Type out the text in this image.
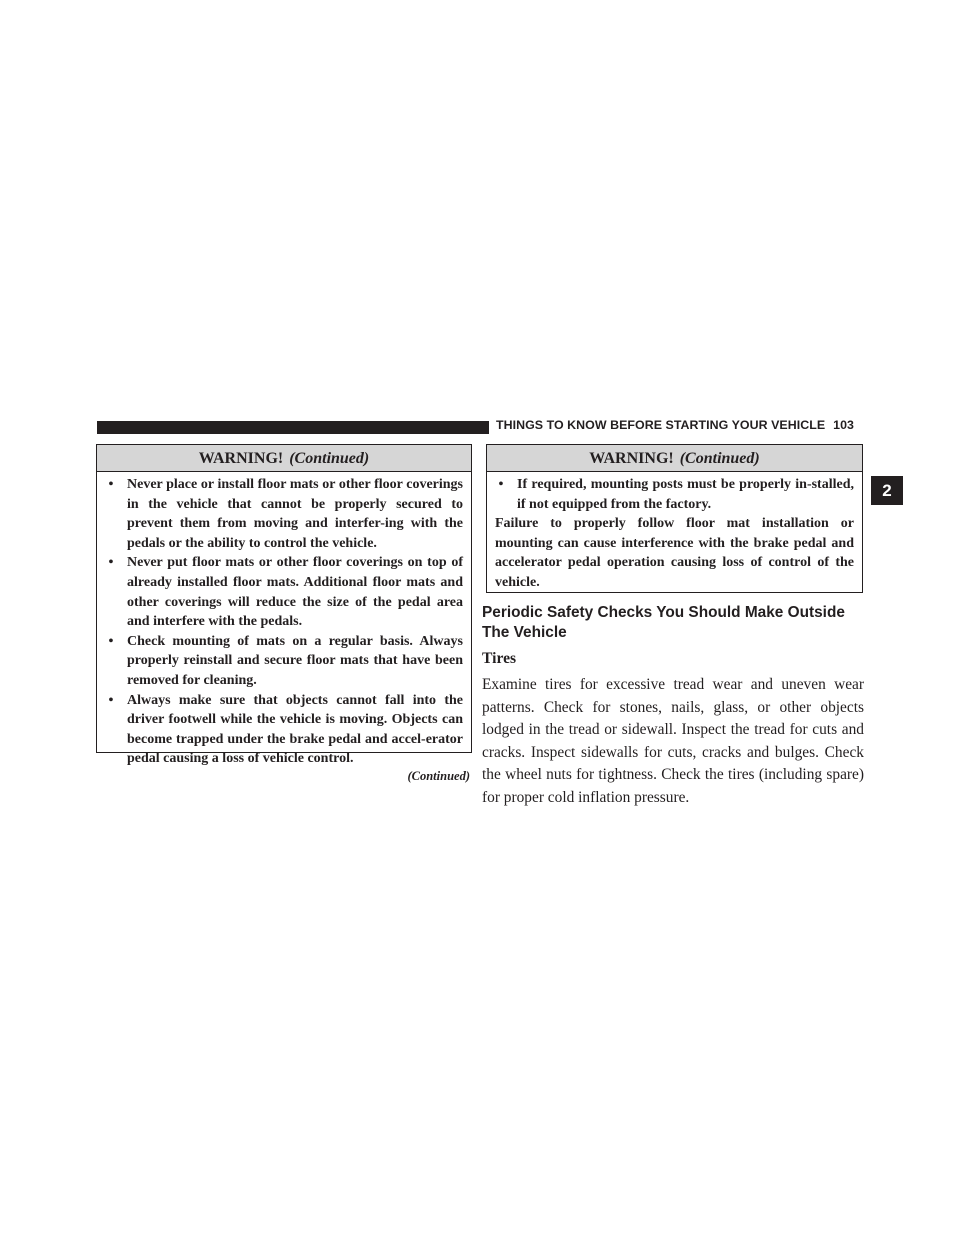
THINGS TO KNOW BEFORE STARTING YOUR VEHICLE 103
2
WARNING! (Continued)
• Never place or install floor mats or other floor coverings in the vehicle that cannot be properly secured to prevent them from moving and interfer-ing with the pedals or the ability to control the vehicle.
• Never put floor mats or other floor coverings on top of already installed floor mats. Additional floor mats and other coverings will reduce the size of the pedal area and interfere with the pedals.
• Check mounting of mats on a regular basis. Always properly reinstall and secure floor mats that have been removed for cleaning.
• Always make sure that objects cannot fall into the driver footwell while the vehicle is moving. Objects can become trapped under the brake pedal and accel-erator pedal causing a loss of vehicle control.
(Continued)
WARNING! (Continued)
• If required, mounting posts must be properly in-stalled, if not equipped from the factory.
Failure to properly follow floor mat installation or mounting can cause interference with the brake pedal and accelerator pedal operation causing loss of control of the vehicle.
Periodic Safety Checks You Should Make Outside The Vehicle
Tires
Examine tires for excessive tread wear and uneven wear patterns. Check for stones, nails, glass, or other objects lodged in the tread or sidewall. Inspect the tread for cuts and cracks. Inspect sidewalls for cuts, cracks and bulges. Check the wheel nuts for tightness. Check the tires (including spare) for proper cold inflation pressure.
